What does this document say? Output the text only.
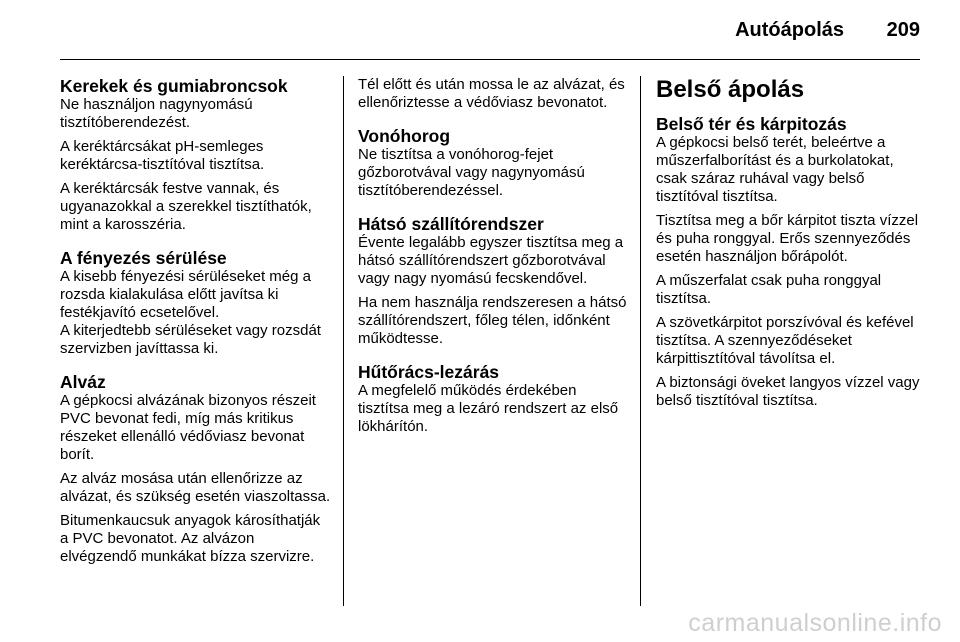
Autóápolás 209
Kerekek és gumiabroncsok

Ne használjon nagynyomású tisztítóberendezést.

A keréktárcsákat pH-semleges keréktárcsa-tisztítóval tisztítsa.

A keréktárcsák festve vannak, és ugyanazokkal a szerekkel tisztíthatók, mint a karosszéria.

A fényezés sérülése

A kisebb fényezési sérüléseket még a rozsda kialakulása előtt javítsa ki festékjavító ecsetelővel.

A kiterjedtebb sérüléseket vagy rozsdát szervizben javíttassa ki.

Alváz

A gépkocsi alvázának bizonyos részeit PVC bevonat fedi, míg más kritikus részeket ellenálló védőviasz bevonat borít.

Az alváz mosása után ellenőrizze az alvázat, és szükség esetén viaszoltassa.

Bitumenkaucsuk anyagok károsíthatják a PVC bevonatot. Az alvázon elvégzendő munkákat bízza szervizre.

Tél előtt és után mossa le az alvázat, és ellenőriztesse a védőviasz bevonatot.

Vonóhorog

Ne tisztítsa a vonóhorog-fejet gőzborotvával vagy nagynyomású tisztítóberendezéssel.

Hátsó szállítórendszer

Évente legalább egyszer tisztítsa meg a hátsó szállítórendszert gőzborotvával vagy nagy nyomású fecskendővel.

Ha nem használja rendszeresen a hátsó szállítórendszert, főleg télen, időnként működtesse.

Hűtőrács-lezárás

A megfelelő működés érdekében tisztítsa meg a lezáró rendszert az első lökhárítón.

Belső ápolás
Belső tér és kárpitozás

A gépkocsi belső terét, beleértve a műszerfalborítást és a burkolatokat, csak száraz ruhával vagy belső tisztítóval tisztítsa.

Tisztítsa meg a bőr kárpitot tiszta vízzel és puha ronggyal. Erős szennyeződés esetén használjon bőrápolót.

A műszerfalat csak puha ronggyal tisztítsa.

A szövetkárpitot porszívóval és kefével tisztítsa. A szennyeződéseket kárpittisztítóval távolítsa el.

A biztonsági öveket langyos vízzel vagy belső tisztítóval tisztítsa.

carmanualsonline.info
